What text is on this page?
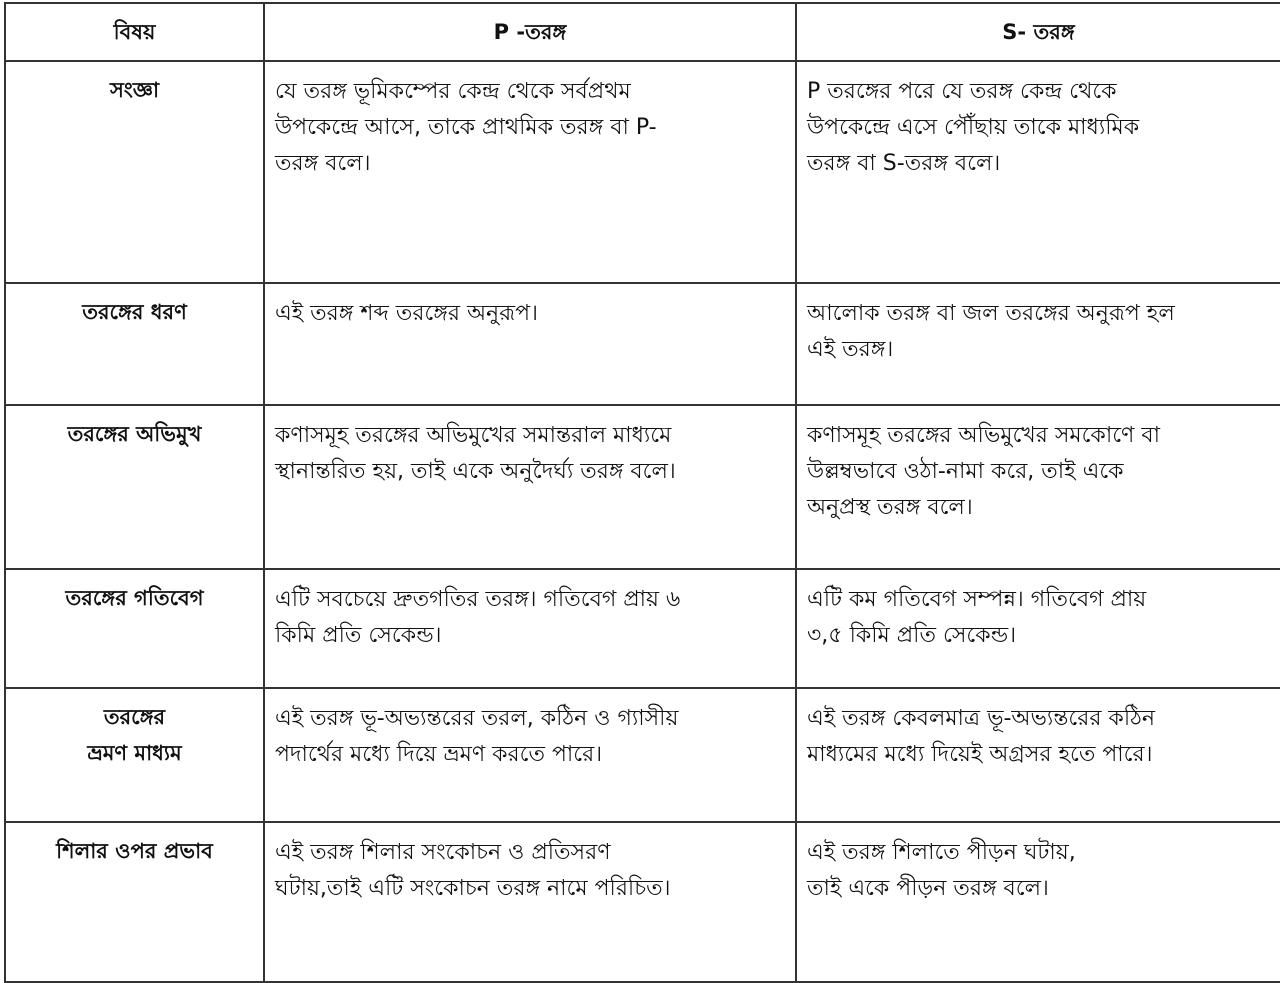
বিষয়	P -তরঙ্গ	S- তরঙ্গ

সংজ্ঞা	যে তরঙ্গ ভূমিকম্পের কেন্দ্র থেকে সর্বপ্রথম
উপকেন্দ্রে আসে, তাকে প্রাথমিক তরঙ্গ বা P-
তরঙ্গ বলে।	P তরঙ্গের পরে যে তরঙ্গ কেন্দ্র থেকে
উপকেন্দ্রে এসে পৌঁছায় তাকে মাধ্যমিক
তরঙ্গ বা S-তরঙ্গ বলে।

তরঙ্গের ধরণ	এই তরঙ্গ শব্দ তরঙ্গের অনুরূপ।	আলোক তরঙ্গ বা জল তরঙ্গের অনুরূপ হল
এই তরঙ্গ।

তরঙ্গের অভিমুখ	কণাসমূহ তরঙ্গের অভিমুখের সমান্তরাল মাধ্যমে
স্থানান্তরিত হয়, তাই একে অনুদৈর্ঘ্য তরঙ্গ বলে।	কণাসমূহ তরঙ্গের অভিমুখের সমকোণে বা
উল্লম্বভাবে ওঠা-নামা করে, তাই একে
অনুপ্রস্থ তরঙ্গ বলে।

তরঙ্গের গতিবেগ	এটি সবচেয়ে দ্রুতগতির তরঙ্গ। গতিবেগ প্রায় ৬
কিমি প্রতি সেকেন্ড।	এটি কম গতিবেগ সম্পন্ন। গতিবেগ প্রায়
৩,৫ কিমি প্রতি সেকেন্ড।

তরঙ্গের
ভ্রমণ মাধ্যম	এই তরঙ্গ ভূ-অভ্যন্তরের তরল, কঠিন ও গ্যাসীয়
পদার্থের মধ্যে দিয়ে ভ্রমণ করতে পারে।	এই তরঙ্গ কেবলমাত্র ভূ-অভ্যন্তরের কঠিন
মাধ্যমের মধ্যে দিয়েই অগ্রসর হতে পারে।

শিলার ওপর প্রভাব	এই তরঙ্গ শিলার সংকোচন ও প্রতিসরণ
ঘটায়,তাই এটি সংকোচন তরঙ্গ নামে পরিচিত।	এই তরঙ্গ শিলাতে পীড়ন ঘটায়,
তাই একে পীড়ন তরঙ্গ বলে।
